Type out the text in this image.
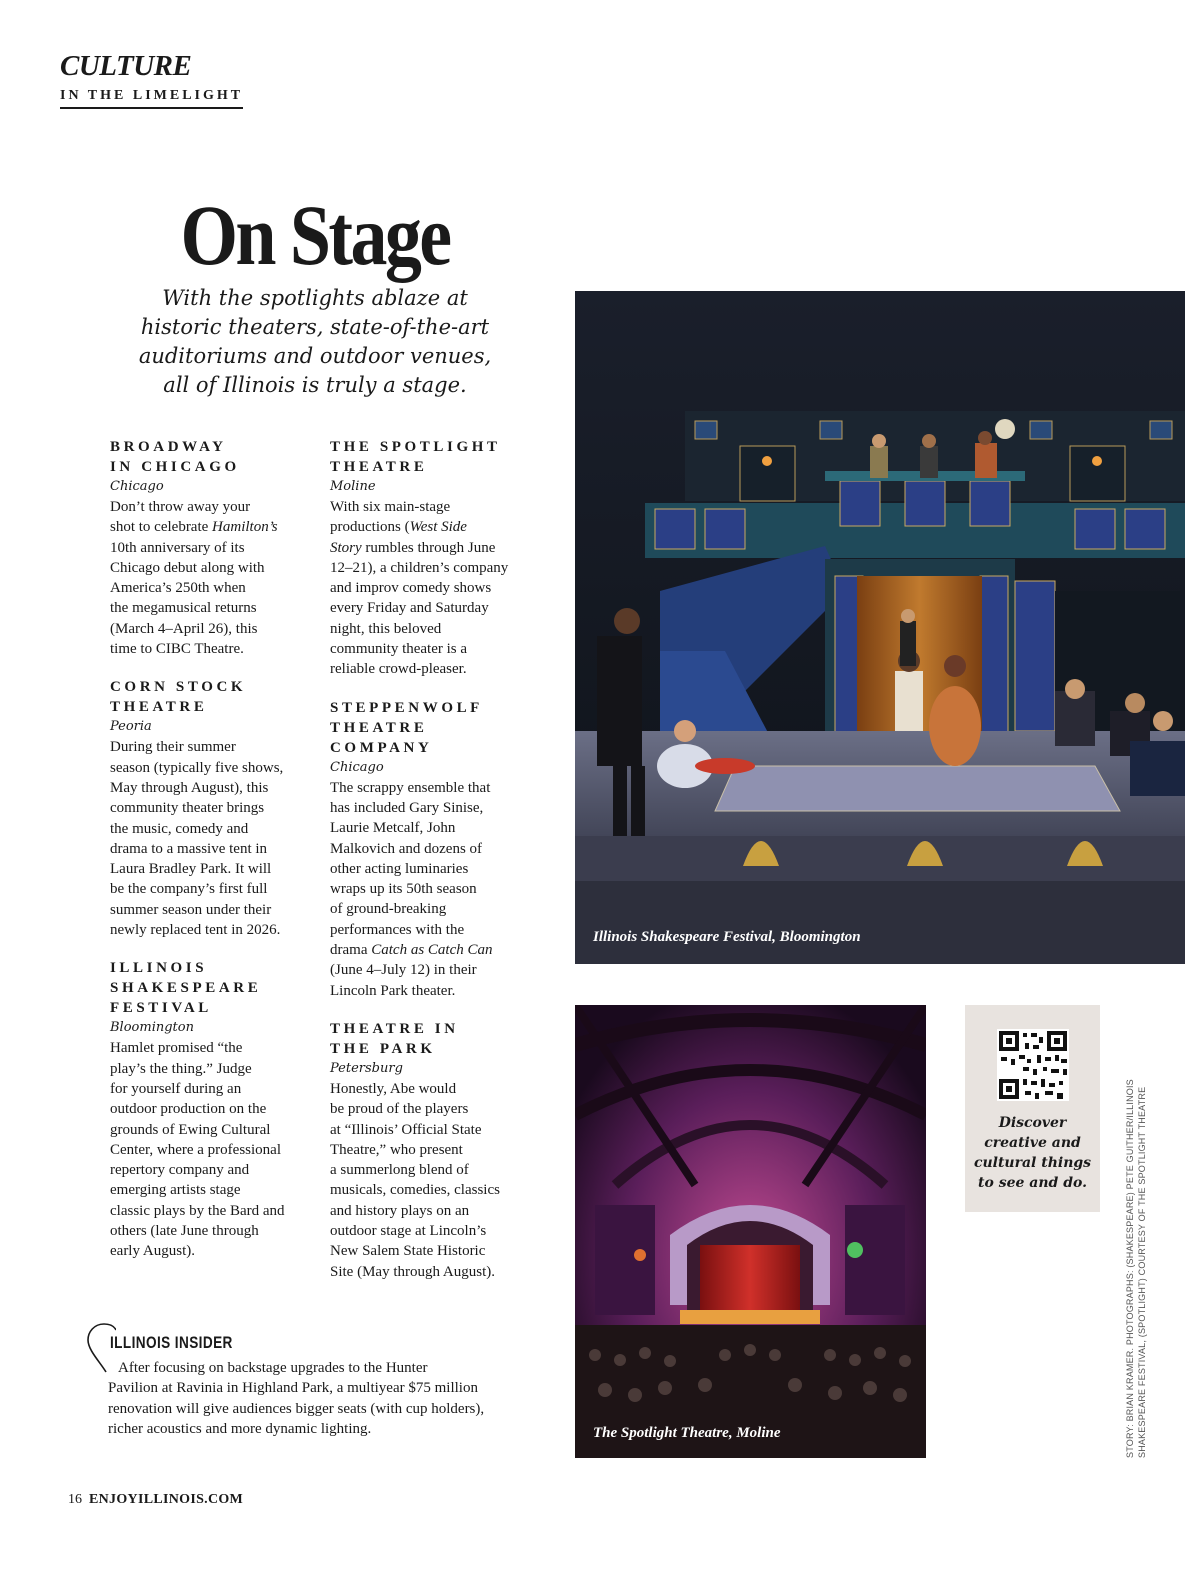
CULTURE
IN THE LIMELIGHT
On Stage
With the spotlights ablaze at
historic theaters, state-of-the-art
auditoriums and outdoor venues,
all of Illinois is truly a stage.
BROADWAY
IN CHICAGO
Chicago
Don’t throw away your
shot to celebrate Hamilton’s
10th anniversary of its
Chicago debut along with
America’s 250th when
the megamusical returns
(March 4–April 26), this
time to CIBC Theatre.
CORN STOCK
THEATRE
Peoria
During their summer
season (typically five shows,
May through August), this
community theater brings
the music, comedy and
drama to a massive tent in
Laura Bradley Park. It will
be the company’s first full
summer season under their
newly replaced tent in 2026.
ILLINOIS
SHAKESPEARE
FESTIVAL
Bloomington
Hamlet promised “the
play’s the thing.” Judge
for yourself during an
outdoor production on the
grounds of Ewing Cultural
Center, where a professional
repertory company and
emerging artists stage
classic plays by the Bard and
others (late June through
early August).
THE SPOTLIGHT
THEATRE
Moline
With six main-stage
productions (West Side
Story rumbles through June
12–21), a children’s company
and improv comedy shows
every Friday and Saturday
night, this beloved
community theater is a
reliable crowd-pleaser.
STEPPENWOLF
THEATRE
COMPANY
Chicago
The scrappy ensemble that
has included Gary Sinise,
Laurie Metcalf, John
Malkovich and dozens of
other acting luminaries
wraps up its 50th season
of ground-breaking
performances with the
drama Catch as Catch Can
(June 4–July 12) in their
Lincoln Park theater.
THEATRE IN
THE PARK
Petersburg
Honestly, Abe would
be proud of the players
at “Illinois’ Official State
Theatre,” who present
a summerlong blend of
musicals, comedies, classics
and history plays on an
outdoor stage at Lincoln’s
New Salem State Historic
Site (May through August).
Illinois Shakespeare Festival, Bloomington
The Spotlight Theatre, Moline
Discover
creative and
cultural things
to see and do.	STORY: BRIAN KRAMER. PHOTOGRAPHS: (SHAKESPEARE) PETE GUITHER/ILLINOIS SHAKESPEARE FESTIVAL, (SPOTLIGHT) COURTESY OF THE SPOTLIGHT THEATRE
ILLINOIS INSIDER
After focusing on backstage upgrades to the Hunter
Pavilion at Ravinia in Highland Park, a multiyear $75 million
renovation will give audiences bigger seats (with cup holders),
richer acoustics and more dynamic lighting.
16 ENJOYILLINOIS.COM
